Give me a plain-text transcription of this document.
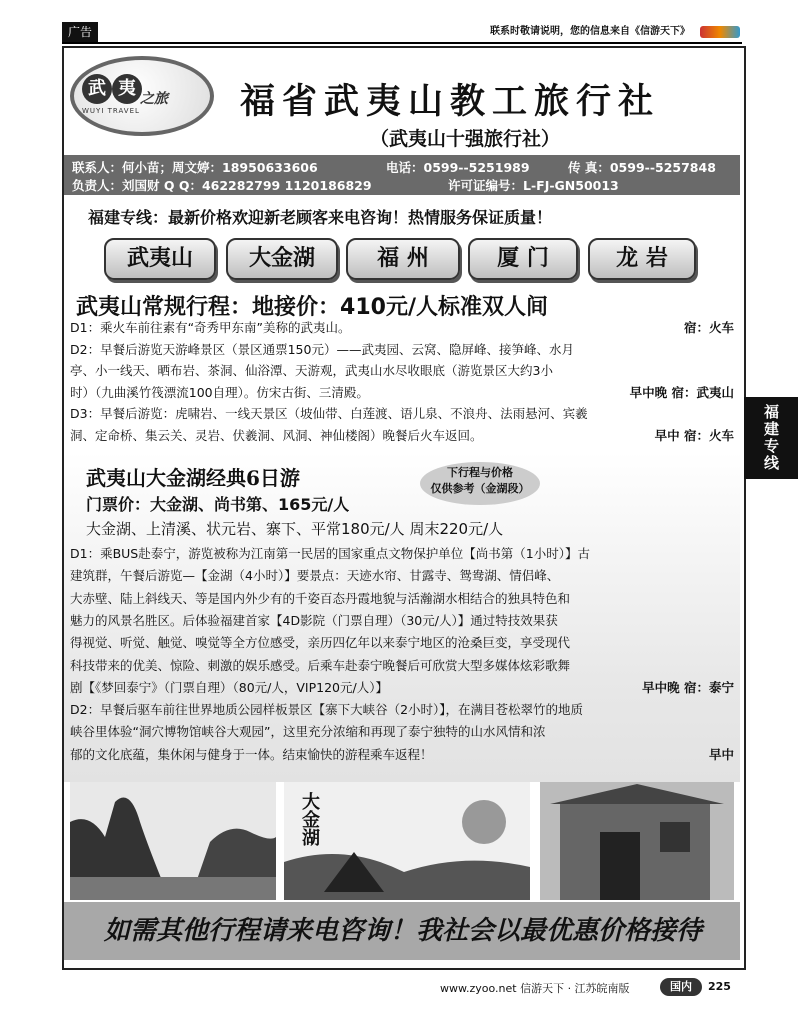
广告	联系时敬请说明，您的信息来自《信游天下》
武 夷 之旅
WUYI TRAVEL	福省武夷山教工旅行社
（武夷山十强旅行社）
联系人：何小苗；周文婷：18950633606	电话：0599--5251989	传 真：0599--5257848
负责人：刘国财 Q Q：462282799 1120186829	许可证编号：L-FJ-GN50013
福建专线：最新价格欢迎新老顾客来电咨询！热情服务保证质量！
武夷山	大金湖	福 州	厦 门	龙 岩
武夷山常规行程：地接价：410元/人标准双人间
D1：乘火车前往素有“奇秀甲东南”美称的武夷山。	宿：火车
D2：早餐后游览天游峰景区（景区通票150元）——武夷园、云窝、隐屏峰、接笋峰、水月
亭、小一线天、晒布岩、茶洞、仙浴潭、天游观，武夷山水尽收眼底（游览景区大约3小
时）（九曲溪竹筏漂流100自理）。仿宋古街、三清殿。	早中晚 宿：武夷山
D3：早餐后游览：虎啸岩、一线天景区（坡仙带、白莲渡、语儿泉、不浪舟、法雨悬河、宾羲
洞、定命桥、集云关、灵岩、伏羲洞、风洞、神仙楼阁）晚餐后火车返回。	早中 宿：火车
武夷山大金湖经典6日游	下行程与价格
仅供参考（金湖段）
门票价：大金湖、尚书第、165元/人
大金湖、上清溪、状元岩、寨下、平常180元/人 周末220元/人
D1：乘BUS赴泰宁，游览被称为江南第一民居的国家重点文物保护单位【尚书第（1小时）】古
建筑群，午餐后游览—【金湖（4小时）】要景点：天迹水帘、甘露寺、鸳鸯湖、情侣峰、
大赤壁、陆上斜线天、等是国内外少有的千姿百态丹霞地貌与活瀚湖水相结合的独具特色和
魅力的风景名胜区。后体验福建首家【4D影院（门票自理）（30元/人）】通过特技效果获
得视觉、听觉、触觉、嗅觉等全方位感受，亲历四亿年以来泰宁地区的沧桑巨变，享受现代
科技带来的优美、惊险、刺激的娱乐感受。后乘车赴泰宁晚餐后可欣赏大型多媒体炫彩歌舞
剧【《梦回泰宁》（门票自理）（80元/人，VIP120元/人）】	早中晚 宿：泰宁
D2：早餐后驱车前往世界地质公园样板景区【寨下大峡谷（2小时）】，在满目苍松翠竹的地质
峡谷里体验“洞穴博物馆峡谷大观园”，这里充分浓缩和再现了泰宁独特的山水风情和浓
郁的文化底蕴，集休闲与健身于一体。结束愉快的游程乘车返程！	早中
大金湖
如需其他行程请来电咨询！我社会以最优惠价格接待
www.zyoo.net 信游天下 · 江苏皖南版	国内	225
福建专线
